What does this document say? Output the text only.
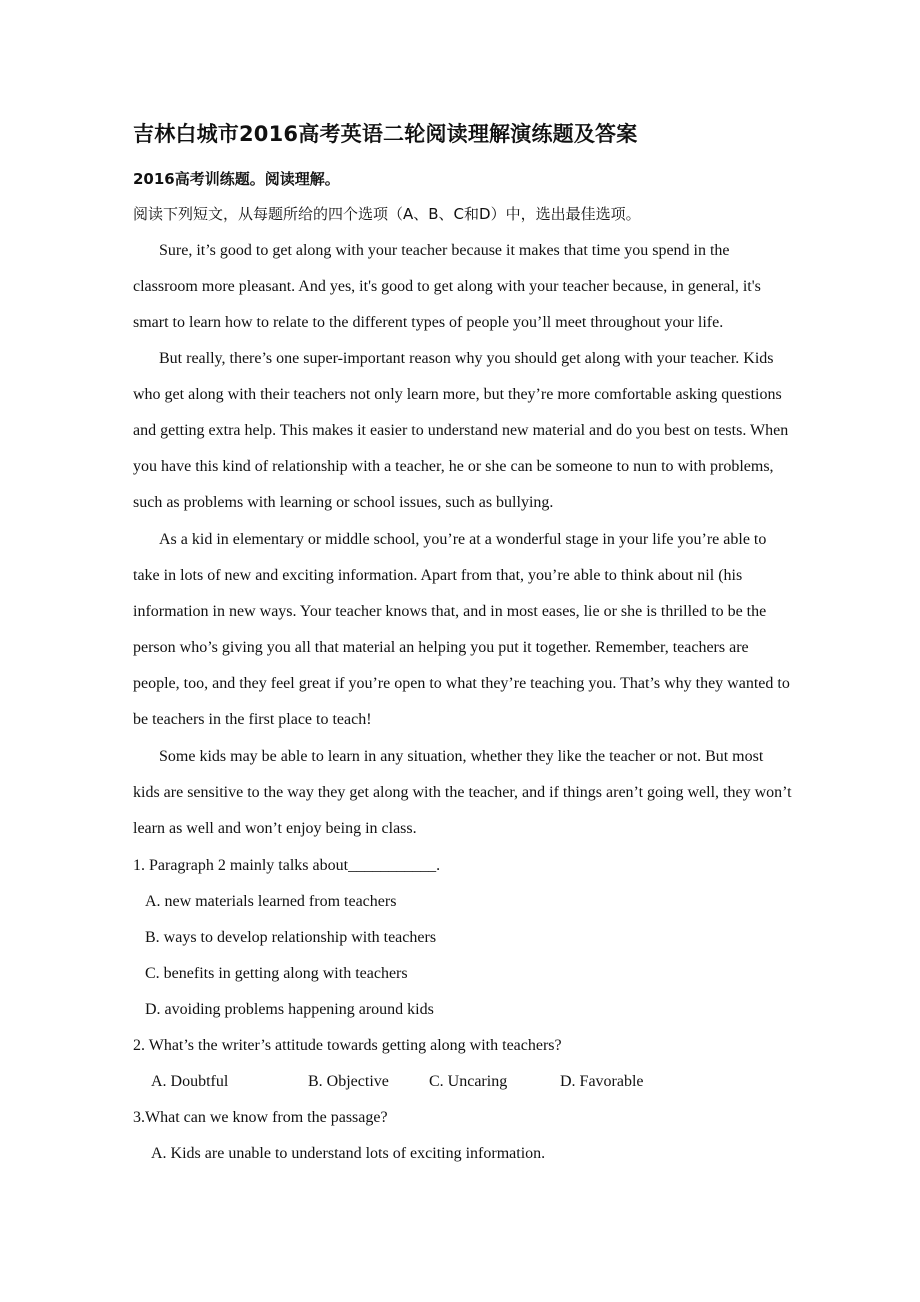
吉林白城市2016高考英语二轮阅读理解演练题及答案
2016高考训练题。阅读理解。
阅读下列短文，从每题所给的四个选项（A、B、C和D）中，选出最佳选项。
Sure, it’s good to get along with your teacher because it makes that time you spend in the
classroom more pleasant. And yes, it's good to get along with your teacher because, in general, it's
smart to learn how to relate to the different types of people you’ll meet throughout your life.
But really, there’s one super-important reason why you should get along with your teacher. Kids
who get along with their teachers not only learn more, but they’re more comfortable asking questions
and getting extra help. This makes it easier to understand new material and do you best on tests. When
you have this kind of relationship with a teacher, he or she can be someone to nun to with problems,
such as problems with learning or school issues, such as bullying.
As a kid in elementary or middle school, you’re at a wonderful stage in your life you’re able to
take in lots of new and exciting information. Apart from that, you’re able to think about nil (his
information in new ways. Your teacher knows that, and in most eases, lie or she is thrilled to be the
person who’s giving you all that material an helping you put it together. Remember, teachers are
people, too, and they feel great if you’re open to what they’re teaching you. That’s why they wanted to
be teachers in the first place to teach!
Some kids may be able to learn in any situation, whether they like the teacher or not. But most
kids are sensitive to the way they get along with the teacher, and if things aren’t going well, they won’t
learn as well and won’t enjoy being in class.
1. Paragraph 2 mainly talks about___________.
A. new materials learned from teachers
B. ways to develop relationship with teachers
C. benefits in getting along with teachers
D. avoiding problems happening around kids
2. What’s the writer’s attitude towards getting along with teachers?
A. Doubtful	B. Objective	C. Uncaring	D. Favorable
3.What can we know from the passage?
A. Kids are unable to understand lots of exciting information.
